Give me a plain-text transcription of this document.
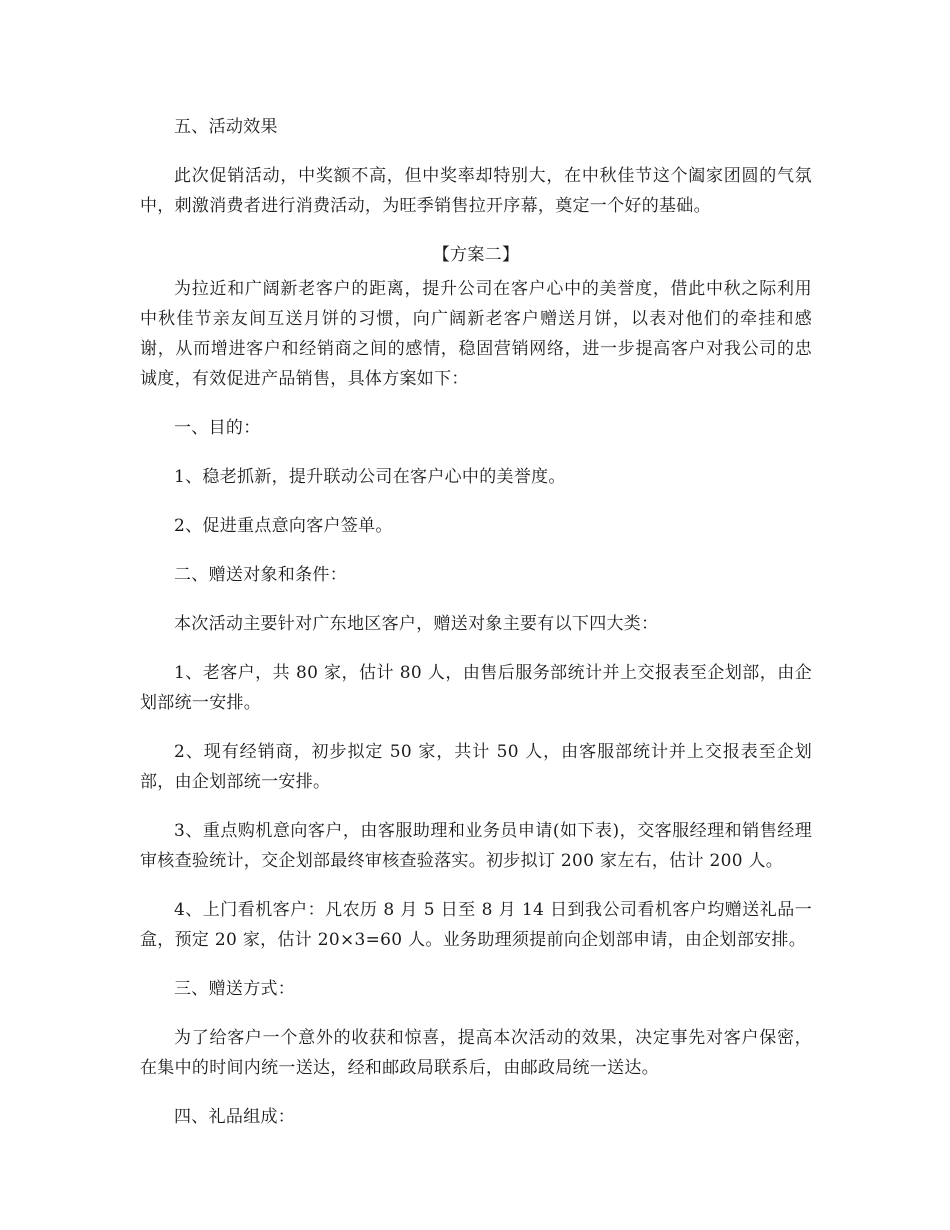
五、活动效果

此次促销活动，中奖额不高，但中奖率却特别大，在中秋佳节这个阖家团圆的气氛中，刺激消费者进行消费活动，为旺季销售拉开序幕，奠定一个好的基础。

【方案二】

为拉近和广阔新老客户的距离，提升公司在客户心中的美誉度，借此中秋之际利用中秋佳节亲友间互送月饼的习惯，向广阔新老客户赠送月饼，以表对他们的牵挂和感谢，从而增进客户和经销商之间的感情，稳固营销网络，进一步提高客户对我公司的忠诚度，有效促进产品销售，具体方案如下：

一、目的：

1、稳老抓新，提升联动公司在客户心中的美誉度。

2、促进重点意向客户签单。

二、赠送对象和条件：

本次活动主要针对广东地区客户，赠送对象主要有以下四大类：

1、老客户，共 80 家，估计 80 人，由售后服务部统计并上交报表至企划部，由企划部统一安排。

2、现有经销商，初步拟定 50 家，共计 50 人，由客服部统计并上交报表至企划部，由企划部统一安排。

3、重点购机意向客户，由客服助理和业务员申请(如下表)，交客服经理和销售经理审核查验统计，交企划部最终审核查验落实。初步拟订 200 家左右，估计 200 人。

4、上门看机客户：凡农历 8 月 5 日至 8 月 14 日到我公司看机客户均赠送礼品一盒，预定 20 家，估计 20×3=60 人。业务助理须提前向企划部申请，由企划部安排。

三、赠送方式：

为了给客户一个意外的收获和惊喜，提高本次活动的效果，决定事先对客户保密，在集中的时间内统一送达，经和邮政局联系后，由邮政局统一送达。

四、礼品组成：
